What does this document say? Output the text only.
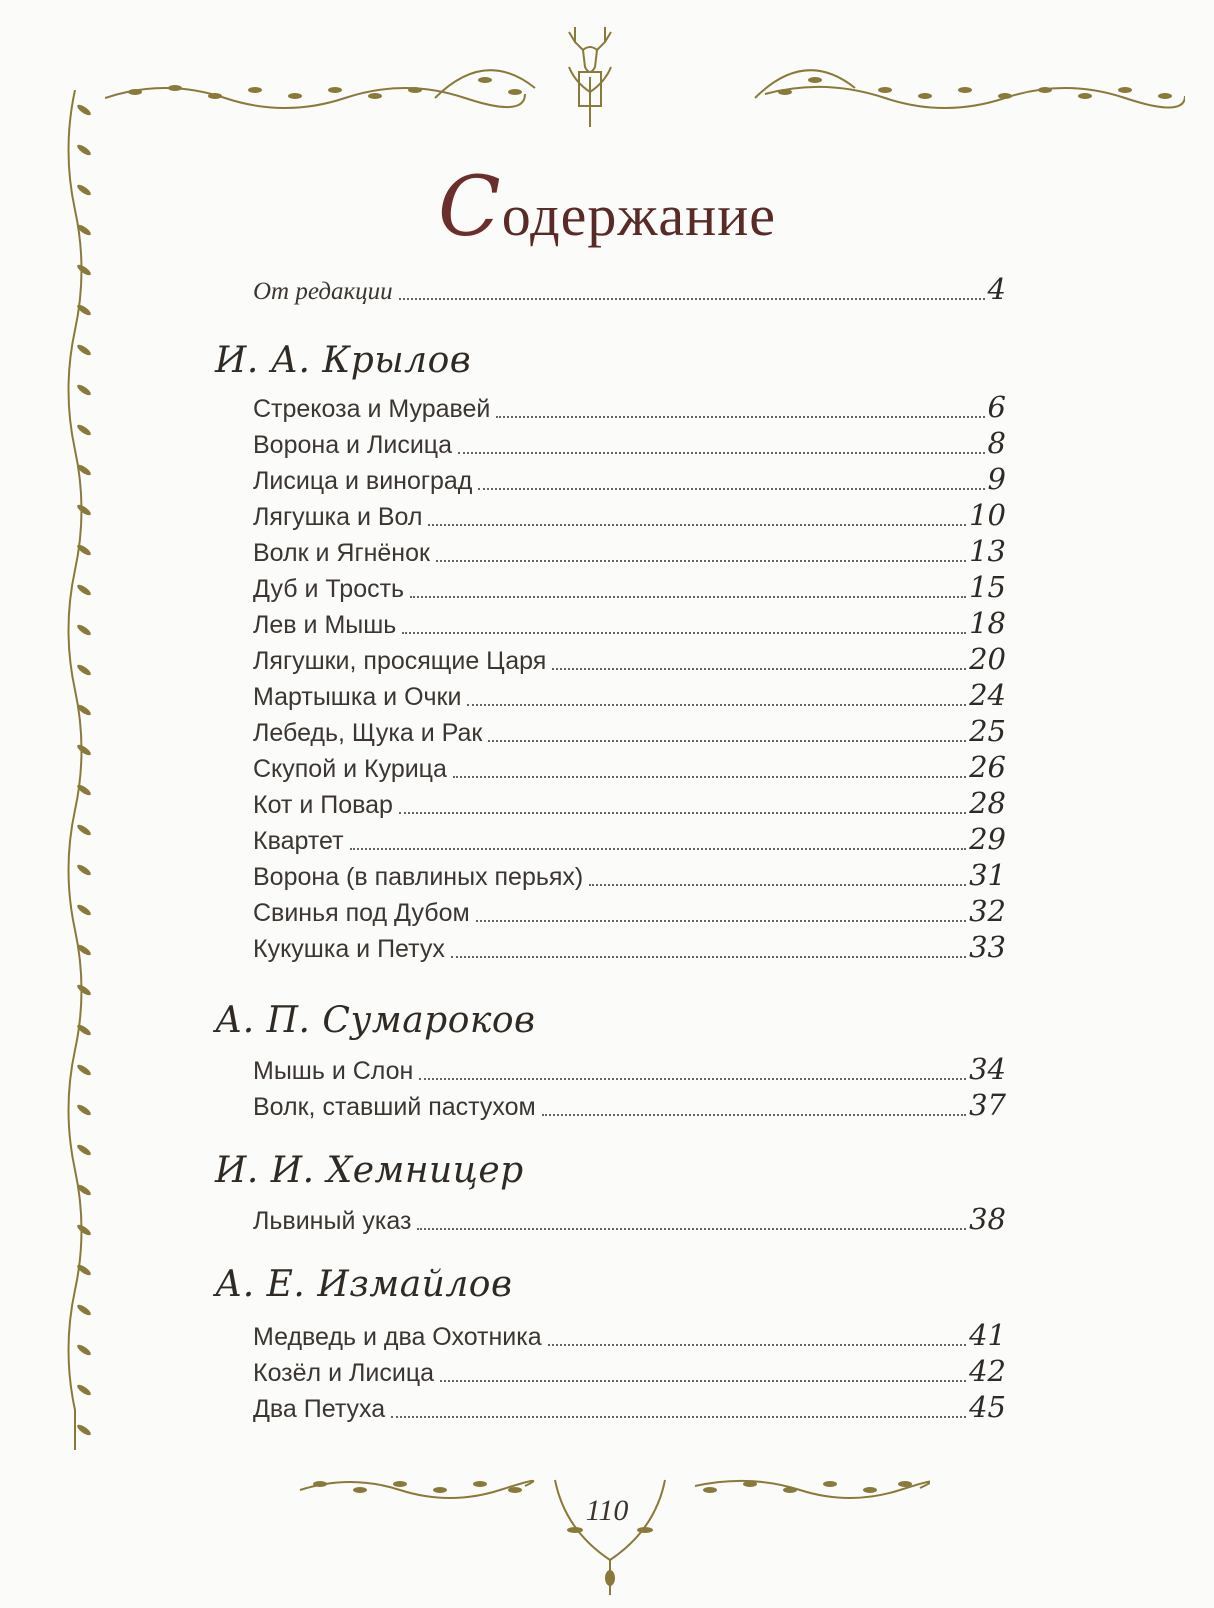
Содержание
От редакции	4
И. А. Крылов
Стрекоза и Муравей	6
Ворона и Лисица	8
Лисица и виноград	9
Лягушка и Вол	10
Волк и Ягнёнок	13
Дуб и Трость	15
Лев и Мышь	18
Лягушки, просящие Царя	20
Мартышка и Очки	24
Лебедь, Щука и Рак	25
Скупой и Курица	26
Кот и Повар	28
Квартет	29
Ворона (в павлиных перьях)	31
Свинья под Дубом	32
Кукушка и Петух	33
А. П. Сумароков
Мышь и Слон	34
Волк, ставший пастухом	37
И. И. Хемницер
Львиный указ	38
А. Е. Измайлов
Медведь и два Охотника	41
Козёл и Лисица	42
Два Петуха	45
110
